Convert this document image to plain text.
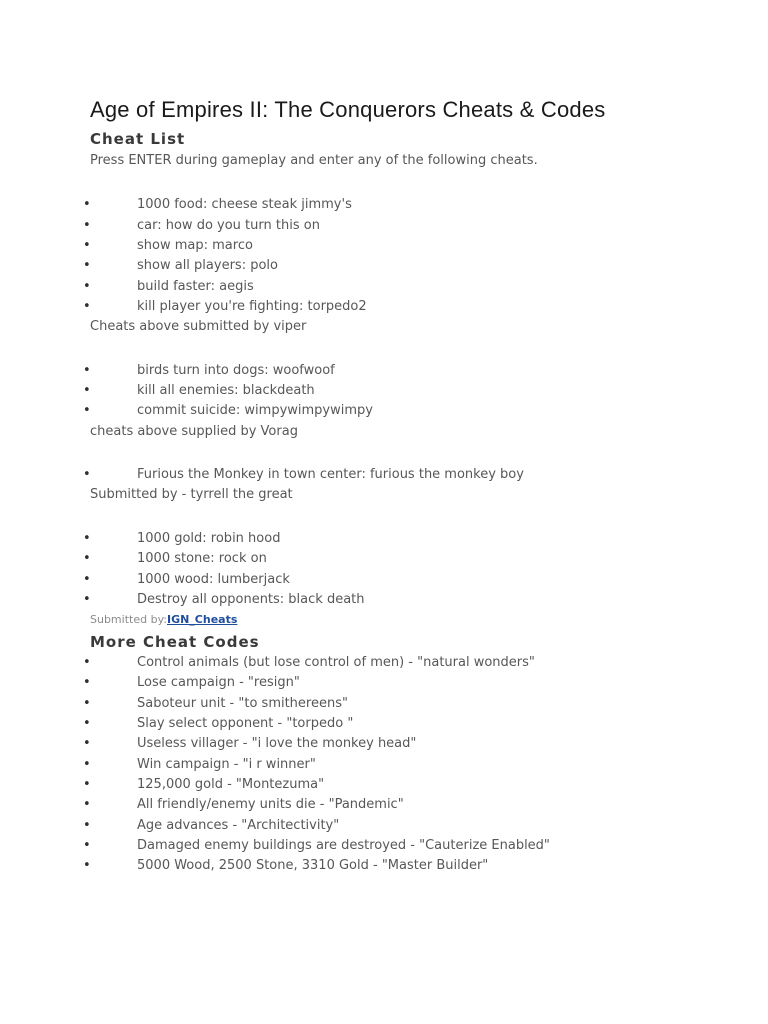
Age of Empires II: The Conquerors Cheats & Codes
Cheat List

Press ENTER during gameplay and enter any of the following cheats.

• 1000 food: cheese steak jimmy's
• car: how do you turn this on
• show map: marco
• show all players: polo
• build faster: aegis
• kill player you're fighting: torpedo2

Cheats above submitted by viper

• birds turn into dogs: woofwoof
• kill all enemies: blackdeath
• commit suicide: wimpywimpywimpy

cheats above supplied by Vorag

• Furious the Monkey in town center: furious the monkey boy

Submitted by - tyrrell the great

• 1000 gold: robin hood
• 1000 stone: rock on
• 1000 wood: lumberjack
• Destroy all opponents: black death

Submitted by:IGN_Cheats

More Cheat Codes
• Control animals (but lose control of men) - "natural wonders"
• Lose campaign - "resign"
• Saboteur unit - "to smithereens"
• Slay select opponent - "torpedo "
• Useless villager - "i love the monkey head"
• Win campaign - "i r winner"
• 125,000 gold - "Montezuma"
• All friendly/enemy units die - "Pandemic"
• Age advances - "Architectivity"
• Damaged enemy buildings are destroyed - "Cauterize Enabled"
• 5000 Wood, 2500 Stone, 3310 Gold - "Master Builder"
